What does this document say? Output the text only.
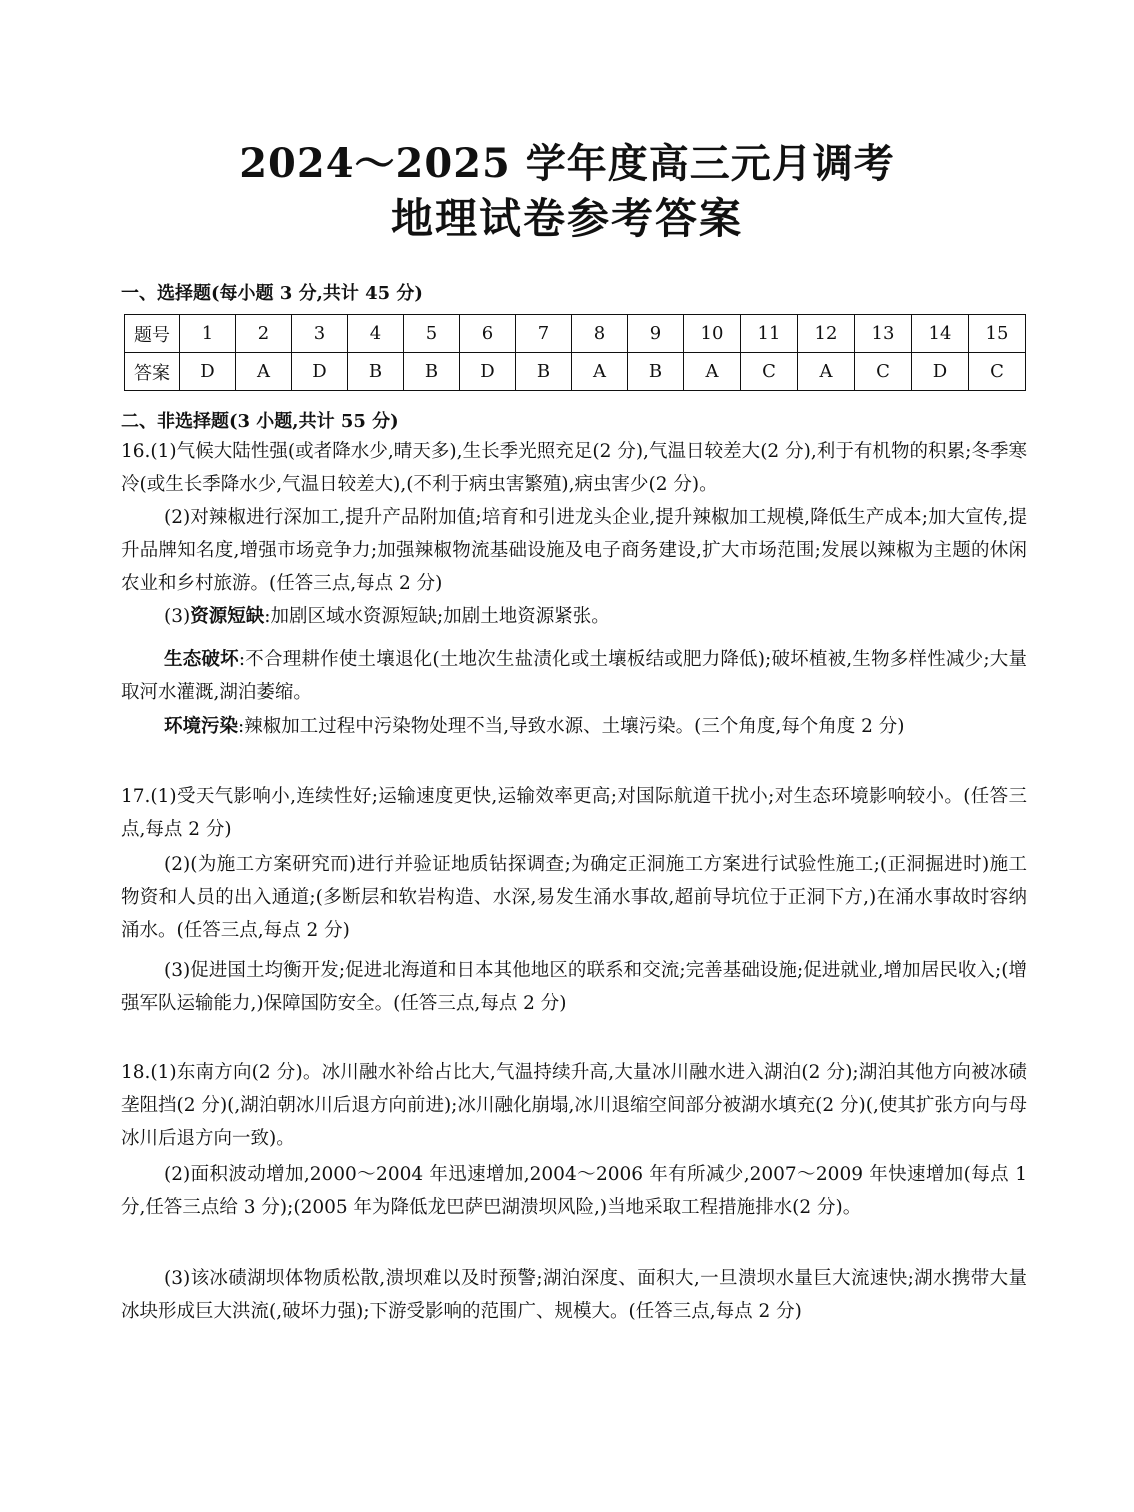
2024～2025 学年度高三元月调考
地理试卷参考答案
一、选择题(每小题 3 分,共计 45 分)
题号	1	2	3	4	5	6	7	8	9	10	11	12	13	14	15
答案	D	A	D	B	B	D	B	A	B	A	C	A	C	D	C
二、非选择题(3 小题,共计 55 分)
16.(1)气候大陆性强(或者降水少,晴天多),生长季光照充足(2 分),气温日较差大(2 分),利于有机物的积累;冬季寒冷(或生长季降水少,气温日较差大),(不利于病虫害繁殖),病虫害少(2 分)。
(2)对辣椒进行深加工,提升产品附加值;培育和引进龙头企业,提升辣椒加工规模,降低生产成本;加大宣传,提升品牌知名度,增强市场竞争力;加强辣椒物流基础设施及电子商务建设,扩大市场范围;发展以辣椒为主题的休闲农业和乡村旅游。(任答三点,每点 2 分)
(3)资源短缺:加剧区域水资源短缺;加剧土地资源紧张。
生态破坏:不合理耕作使土壤退化(土地次生盐渍化或土壤板结或肥力降低);破坏植被,生物多样性减少;大量取河水灌溉,湖泊萎缩。
环境污染:辣椒加工过程中污染物处理不当,导致水源、土壤污染。(三个角度,每个角度 2 分)
17.(1)受天气影响小,连续性好;运输速度更快,运输效率更高;对国际航道干扰小;对生态环境影响较小。(任答三点,每点 2 分)
(2)(为施工方案研究而)进行并验证地质钻探调查;为确定正洞施工方案进行试验性施工;(正洞掘进时)施工物资和人员的出入通道;(多断层和软岩构造、水深,易发生涌水事故,超前导坑位于正洞下方,)在涌水事故时容纳涌水。(任答三点,每点 2 分)
(3)促进国土均衡开发;促进北海道和日本其他地区的联系和交流;完善基础设施;促进就业,增加居民收入;(增强军队运输能力,)保障国防安全。(任答三点,每点 2 分)
18.(1)东南方向(2 分)。冰川融水补给占比大,气温持续升高,大量冰川融水进入湖泊(2 分);湖泊其他方向被冰碛垄阻挡(2 分)(,湖泊朝冰川后退方向前进);冰川融化崩塌,冰川退缩空间部分被湖水填充(2 分)(,使其扩张方向与母冰川后退方向一致)。
(2)面积波动增加,2000～2004 年迅速增加,2004～2006 年有所减少,2007～2009 年快速增加(每点 1 分,任答三点给 3 分);(2005 年为降低龙巴萨巴湖溃坝风险,)当地采取工程措施排水(2 分)。
(3)该冰碛湖坝体物质松散,溃坝难以及时预警;湖泊深度、面积大,一旦溃坝水量巨大流速快;湖水携带大量冰块形成巨大洪流(,破坏力强);下游受影响的范围广、规模大。(任答三点,每点 2 分)
